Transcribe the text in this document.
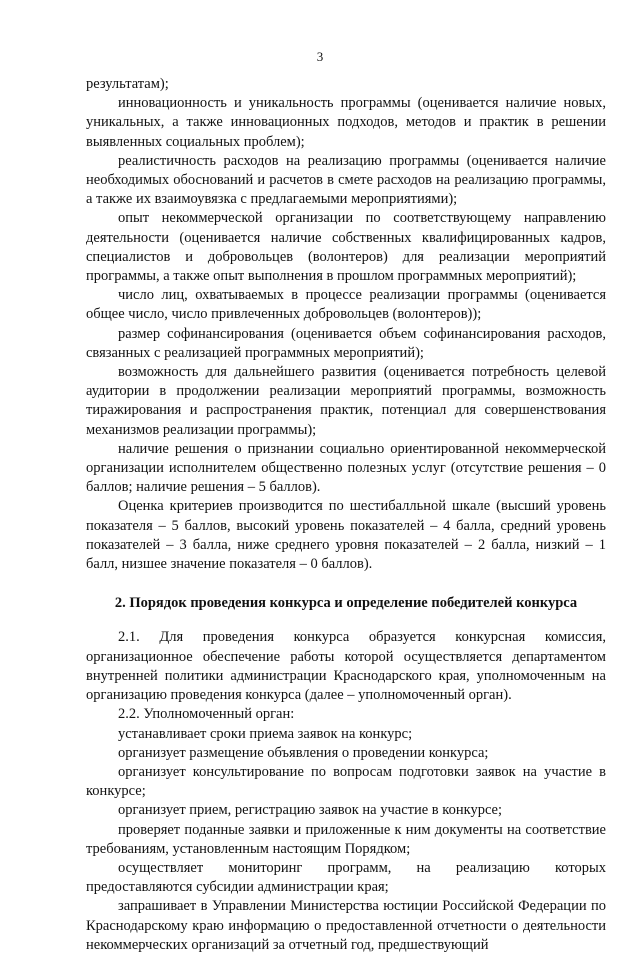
3

результатам);

инновационность и уникальность программы (оценивается наличие новых, уникальных, а также инновационных подходов, методов и практик в решении выявленных социальных проблем);

реалистичность расходов на реализацию программы (оценивается наличие необходимых обоснований и расчетов в смете расходов на реализацию программы, а также их взаимоувязка с предлагаемыми мероприятиями);

опыт некоммерческой организации по соответствующему направлению деятельности (оценивается наличие собственных квалифицированных кадров, специалистов и добровольцев (волонтеров) для реализации мероприятий программы, а также опыт выполнения в прошлом программных мероприятий);

число лиц, охватываемых в процессе реализации программы (оценивается общее число, число привлеченных добровольцев (волонтеров));

размер софинансирования (оценивается объем софинансирования расходов, связанных с реализацией программных мероприятий);

возможность для дальнейшего развития (оценивается потребность целевой аудитории в продолжении реализации мероприятий программы, возможность тиражирования и распространения практик, потенциал для совершенствования механизмов реализации программы);

наличие решения о признании социально ориентированной некоммерческой организации исполнителем общественно полезных услуг (отсутствие решения – 0 баллов; наличие решения – 5 баллов).

Оценка критериев производится по шестибалльной шкале (высший уровень показателя – 5 баллов, высокий уровень показателей – 4 балла, средний уровень показателей – 3 балла, ниже среднего уровня показателей – 2 балла, низкий – 1 балл, низшее значение показателя – 0 баллов).

2. Порядок проведения конкурса и определение победителей конкурса

2.1. Для проведения конкурса образуется конкурсная комиссия, организационное обеспечение работы которой осуществляется департаментом внутренней политики администрации Краснодарского края, уполномоченным на организацию проведения конкурса (далее – уполномоченный орган).

2.2. Уполномоченный орган:

устанавливает сроки приема заявок на конкурс;

организует размещение объявления о проведении конкурса;

организует консультирование по вопросам подготовки заявок на участие в конкурсе;

организует прием, регистрацию заявок на участие в конкурсе;

проверяет поданные заявки и приложенные к ним документы на соответствие требованиям, установленным настоящим Порядком;

осуществляет мониторинг программ, на реализацию которых предоставляются субсидии администрации края;

запрашивает в Управлении Министерства юстиции Российской Федерации по Краснодарскому краю информацию о предоставленной отчетности о деятельности некоммерческих организаций за отчетный год, предшествующий
